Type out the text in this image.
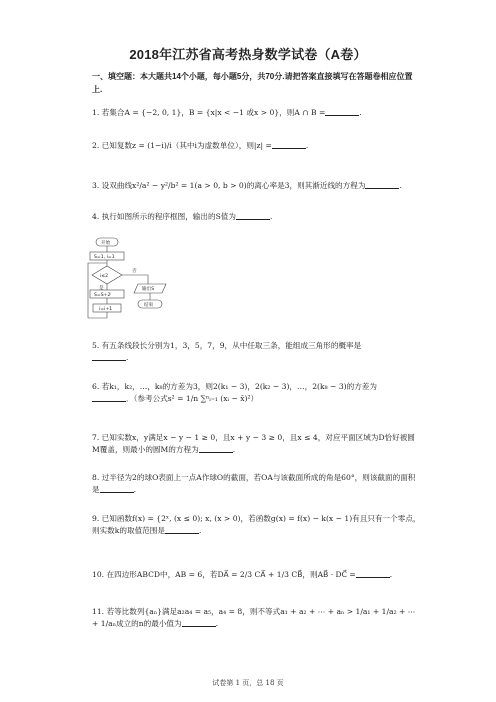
2018年江苏省高考热身数学试卷（A卷）
一、填空题：本大题共14个小题，每小题5分，共70分.请把答案直接填写在答题卷相应位置上.
1. 若集合A = {−2, 0, 1}，B = {x|x < −1 或x > 0}，则A ∩ B =	.
2. 已知复数z = (1−i)/i（其中i为虚数单位），则|z| =	.
3. 设双曲线x²/a² − y²/b² = 1(a > 0, b > 0)的离心率是3，则其渐近线的方程为	.
4. 执行如图所示的程序框图，输出的S值为	.
开始
S=1, i=1
i≤2
是
否
S=S+2ⁱ
i=i+1
输出S
结束
5. 有五条线段长分别为1，3，5，7，9，从中任取三条，能组成三角形的概率是
.
6. 若k₁，k₂，…，k₈的方差为3，则2(k₁ − 3)，2(k₂ − 3)，…，2(k₈ − 3)的方差为
．（参考公式s² = 1/n ∑ⁿᵢ₌₁ (xᵢ − x̄)²）
7. 已知实数x，y满足x − y − 1 ≥ 0，且x + y − 3 ≥ 0，且x ≤ 4，对应平面区域为D恰好被圆M覆盖，则最小的圆M的方程为	.
8. 过半径为2的球O表面上一点A作球O的截面，若OA与该截面所成的角是60°，则该截面的面积是	.
9. 已知函数f(x) = {2ˣ, (x ≤ 0); x, (x > 0)，若函数g(x) = f(x) − k(x − 1)有且只有一个零点，则实数k的取值范围是	.
10. 在四边形ABCD中，AB = 6，若DA⃗ = 2/3 CA⃗ + 1/3 CB⃗，则AB⃗ · DC⃗ =	.
11. 若等比数列{aₙ}满足a₂a₄ = a₅，a₄ = 8，则不等式a₁ + a₂ + ⋯ + aₙ > 1/a₁ + 1/a₂ + ⋯ + 1/aₙ成立的n的最小值为	.
试卷第 1 页，总 18 页
